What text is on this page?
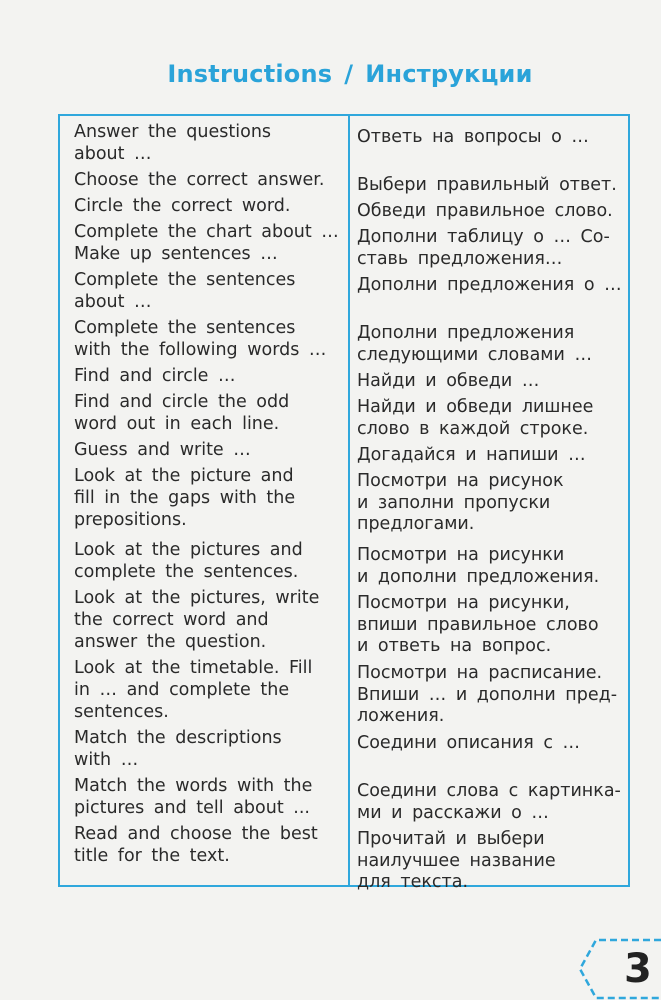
Instructions / Инструкции
Answer the questions
about …
Ответь на вопросы о …
Choose the correct answer. Выбери правильный ответ.
Circle the correct word.	Обведи правильное слово.
Complete the chart about …
Make up sentences …
Дополни таблицу о … Со-
ставь предложения…
Complete the sentences
about …
Дополни предложения о …
Complete the sentences
with the following words …
Дополни предложения
следующими словами …
Find and circle …	Найди и обведи …
Find and circle the odd
word out in each line.
Найди и обведи лишнее
слово в каждой строке.
Guess and write …	Догадайся и напиши …
Look at the picture and
fill in the gaps with the
prepositions.
Посмотри на рисунок
и заполни пропуски
предлогами.
Look at the pictures and
complete the sentences.
Посмотри на рисунки
и дополни предложения.
Look at the pictures, write
the correct word and
answer the question.
Посмотри на рисунки,
впиши правильное слово
и ответь на вопрос.
Look at the timetable. Fill
in … and complete the
sentences.
Посмотри на расписание.
Впиши … и дополни пред-
ложения.
Match the descriptions
with …
Соедини описания с …
Match the words with the
pictures and tell about ...
Соедини слова с картинка-
ми и расскажи о …
Read and choose the best
title for the text.
Прочитай и выбери
наилучшее название
для текста.
3
